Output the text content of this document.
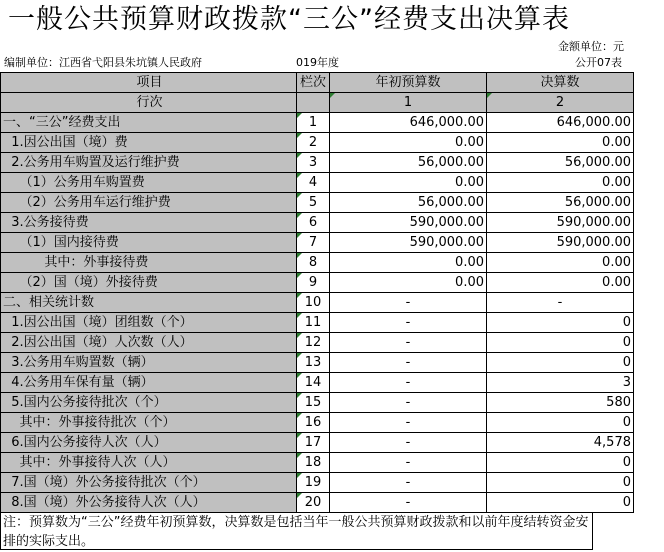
一般公共预算财政拨款“三公”经费支出决算表
金额单位：元
编制单位：江西省弋阳县朱坑镇人民政府	019年度	公开07表
项目	栏次	年初预算数	决算数
行次		1	2
一、“三公”经费支出	1	646,000.00	646,000.00
1.因公出国（境）费	2	0.00	0.00
2.公务用车购置及运行维护费	3	56,000.00	56,000.00
（1）公务用车购置费	4	0.00	0.00
（2）公务用车运行维护费	5	56,000.00	56,000.00
3.公务接待费	6	590,000.00	590,000.00
（1）国内接待费	7	590,000.00	590,000.00
其中：外事接待费	8	0.00	0.00
（2）国（境）外接待费	9	0.00	0.00
二、相关统计数	10	-	-
1.因公出国（境）团组数（个）	11	-	0
2.因公出国（境）人次数（人）	12	-	0
3.公务用车购置数（辆）	13	-	0
4.公务用车保有量（辆）	14	-	3
5.国内公务接待批次（个）	15	-	580
其中：外事接待批次（个）	16	-	0
6.国内公务接待人次（人）	17	-	4,578
其中：外事接待人次（人）	18	-	0
7.国（境）外公务接待批次（个）	19	-	0
8.国（境）外公务接待人次（人）	20	-	0
注：预算数为“三公”经费年初预算数，决算数是包括当年一般公共预算财政拨款和以前年度结转资金安排的实际支出。
